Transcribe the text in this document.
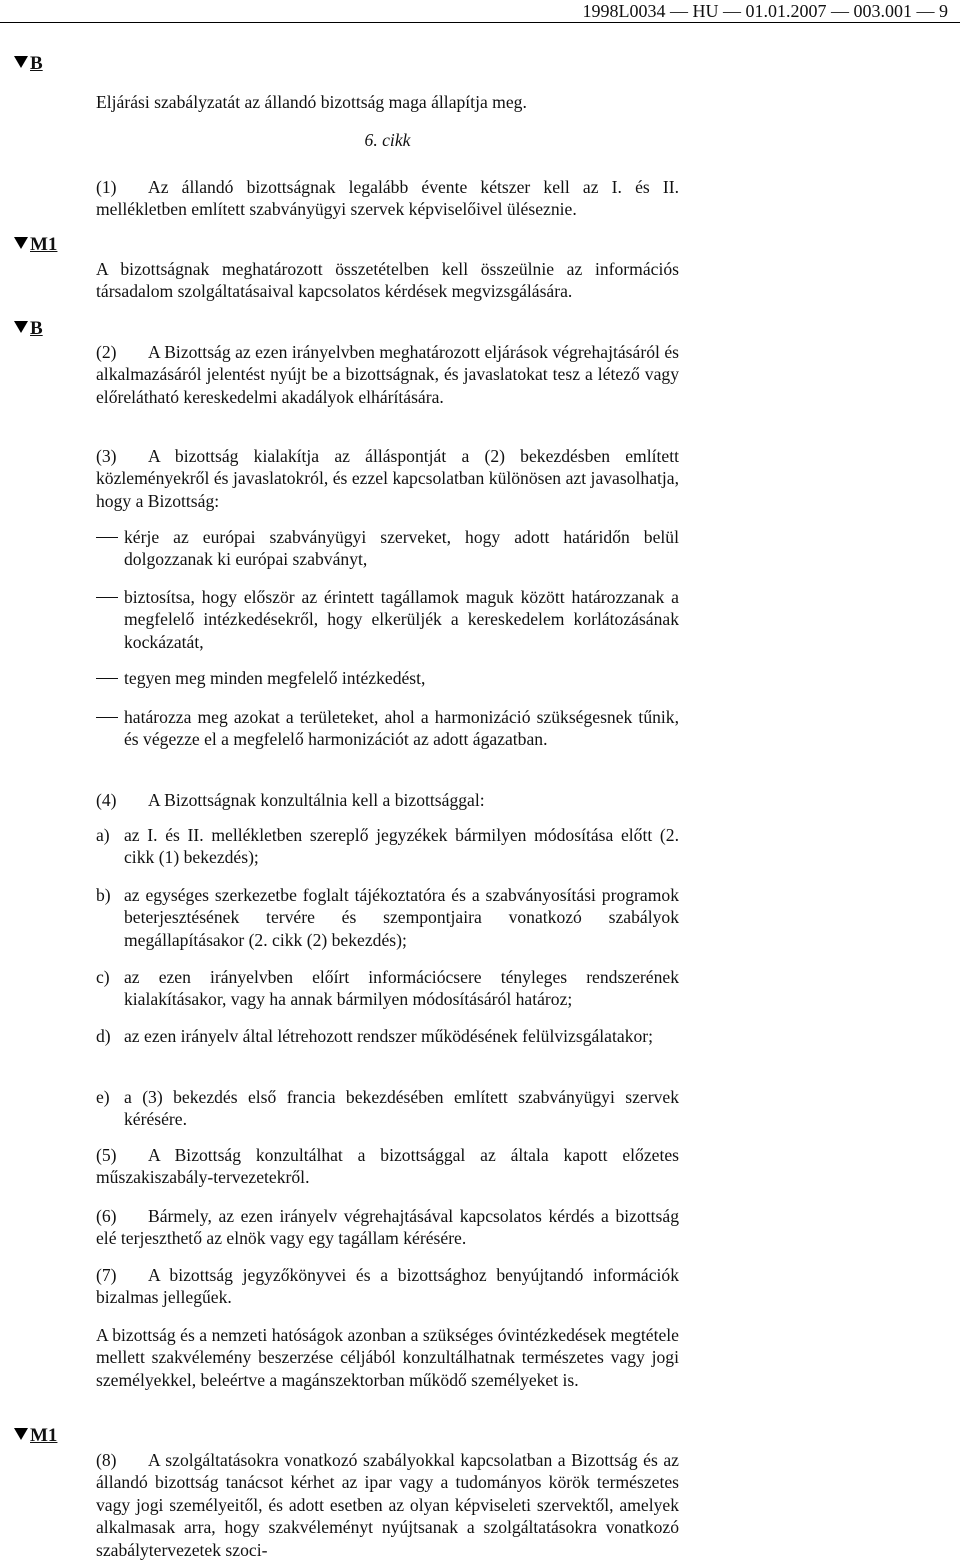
1998L0034 — HU — 01.01.2007 — 003.001 — 9
B
M1
B
M1
Eljárási szabályzatát az állandó bizottság maga állapítja meg.
6. cikk
(1) Az állandó bizottságnak legalább évente kétszer kell az I. és II. mellékletben említett szabványügyi szervek képviselőivel üléseznie.
A bizottságnak meghatározott összetételben kell összeülnie az információs társadalom szolgáltatásaival kapcsolatos kérdések megvizsgálására.
(2) A Bizottság az ezen irányelvben meghatározott eljárások végrehajtásáról és alkalmazásáról jelentést nyújt be a bizottságnak, és javaslatokat tesz a létező vagy előrelátható kereskedelmi akadályok elhárítására.
(3) A bizottság kialakítja az álláspontját a (2) bekezdésben említett közleményekről és javaslatokról, és ezzel kapcsolatban különösen azt javasolhatja, hogy a Bizottság:
kérje az európai szabványügyi szerveket, hogy adott határidőn belül dolgozzanak ki európai szabványt,
biztosítsa, hogy először az érintett tagállamok maguk között határozzanak a megfelelő intézkedésekről, hogy elkerüljék a kereskedelem korlátozásának kockázatát,
tegyen meg minden megfelelő intézkedést,
határozza meg azokat a területeket, ahol a harmonizáció szükségesnek tűnik, és végezze el a megfelelő harmonizációt az adott ágazatban.
(4) A Bizottságnak konzultálnia kell a bizottsággal:
a) az I. és II. mellékletben szereplő jegyzékek bármilyen módosítása előtt (2. cikk (1) bekezdés);
b) az egységes szerkezetbe foglalt tájékoztatóra és a szabványosítási programok beterjesztésének tervére és szempontjaira vonatkozó szabályok megállapításakor (2. cikk (2) bekezdés);
c) az ezen irányelvben előírt információcsere tényleges rendszerének kialakításakor, vagy ha annak bármilyen módosításáról határoz;
d) az ezen irányelv által létrehozott rendszer működésének felülvizsgálatakor;
e) a (3) bekezdés első francia bekezdésében említett szabványügyi szervek kérésére.
(5) A Bizottság konzultálhat a bizottsággal az általa kapott előzetes műszakiszabály-tervezetekről.
(6) Bármely, az ezen irányelv végrehajtásával kapcsolatos kérdés a bizottság elé terjeszthető az elnök vagy egy tagállam kérésére.
(7) A bizottság jegyzőkönyvei és a bizottsághoz benyújtandó információk bizalmas jellegűek.
A bizottság és a nemzeti hatóságok azonban a szükséges óvintézkedések megtétele mellett szakvélemény beszerzése céljából konzultálhatnak természetes vagy jogi személyekkel, beleértve a magánszektorban működő személyeket is.
(8) A szolgáltatásokra vonatkozó szabályokkal kapcsolatban a Bizottság és az állandó bizottság tanácsot kérhet az ipar vagy a tudományos körök természetes vagy jogi személyeitől, és adott esetben az olyan képviseleti szervektől, amelyek alkalmasak arra, hogy szakvéleményt nyújtsanak a szolgáltatásokra vonatkozó szabálytervezetek szoci-
